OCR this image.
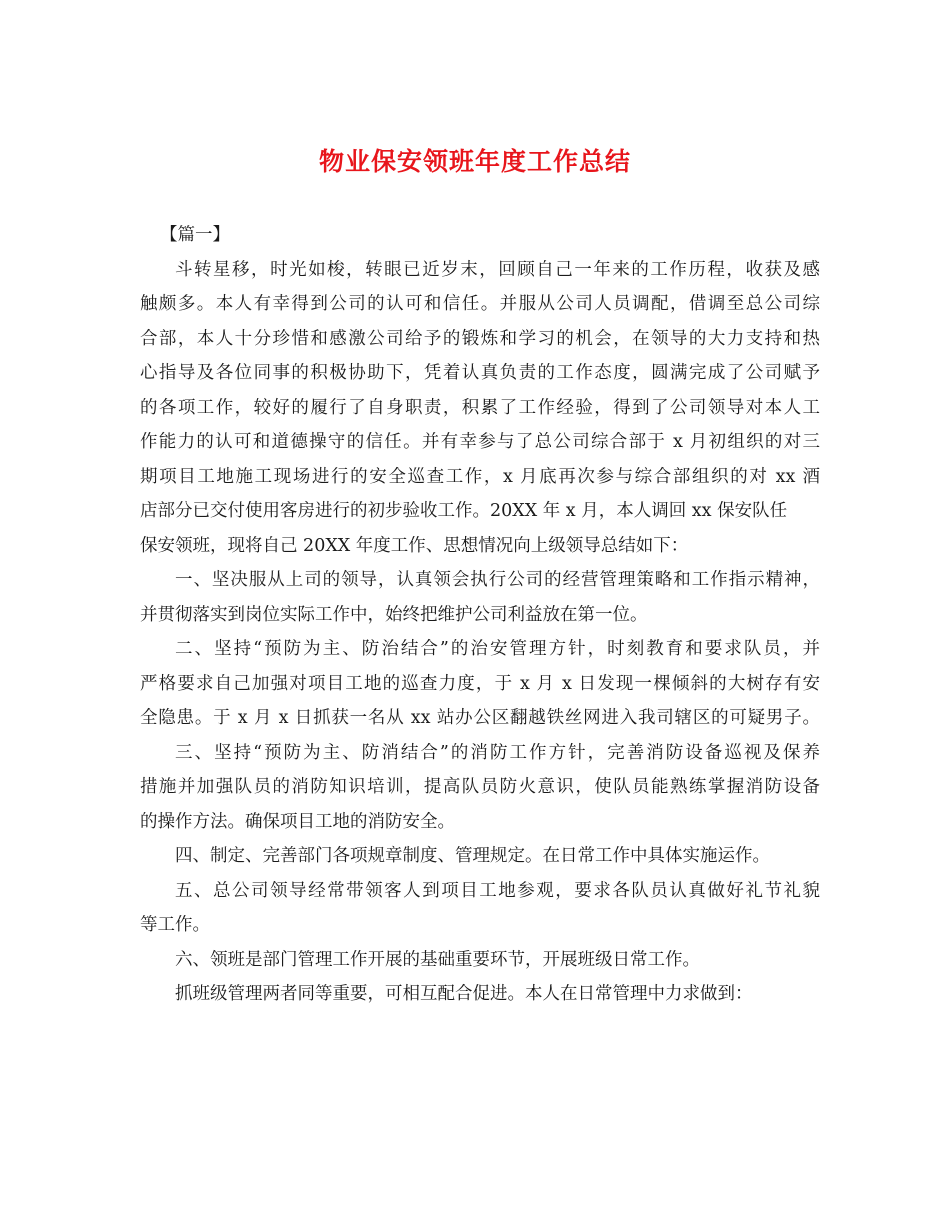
物业保安领班年度工作总结

【篇一】

斗转星移，时光如梭，转眼已近岁末，回顾自己一年来的工作历程，收获及感

触颇多。本人有幸得到公司的认可和信任。并服从公司人员调配，借调至总公司综

合部，本人十分珍惜和感激公司给予的锻炼和学习的机会，在领导的大力支持和热

心指导及各位同事的积极协助下，凭着认真负责的工作态度，圆满完成了公司赋予

的各项工作，较好的履行了自身职责，积累了工作经验，得到了公司领导对本人工

作能力的认可和道德操守的信任。并有幸参与了总公司综合部于 x 月初组织的对三

期项目工地施工现场进行的安全巡查工作，x 月底再次参与综合部组织的对 xx 酒

店部分已交付使用客房进行的初步验收工作。20XX 年 x 月，本人调回 xx 保安队任

保安领班，现将自己 20XX 年度工作、思想情况向上级领导总结如下：

一、坚决服从上司的领导，认真领会执行公司的经营管理策略和工作指示精神，

并贯彻落实到岗位实际工作中，始终把维护公司利益放在第一位。

二、坚持“预防为主、防治结合”的治安管理方针，时刻教育和要求队员，并

严格要求自己加强对项目工地的巡查力度，于 x 月 x 日发现一棵倾斜的大树存有安

全隐患。于 x 月 x 日抓获一名从 xx 站办公区翻越铁丝网进入我司辖区的可疑男子。

三、坚持“预防为主、防消结合”的消防工作方针，完善消防设备巡视及保养

措施并加强队员的消防知识培训，提高队员防火意识，使队员能熟练掌握消防设备

的操作方法。确保项目工地的消防安全。

四、制定、完善部门各项规章制度、管理规定。在日常工作中具体实施运作。

五、总公司领导经常带领客人到项目工地参观，要求各队员认真做好礼节礼貌

等工作。

六、领班是部门管理工作开展的基础重要环节，开展班级日常工作。

抓班级管理两者同等重要，可相互配合促进。本人在日常管理中力求做到：
